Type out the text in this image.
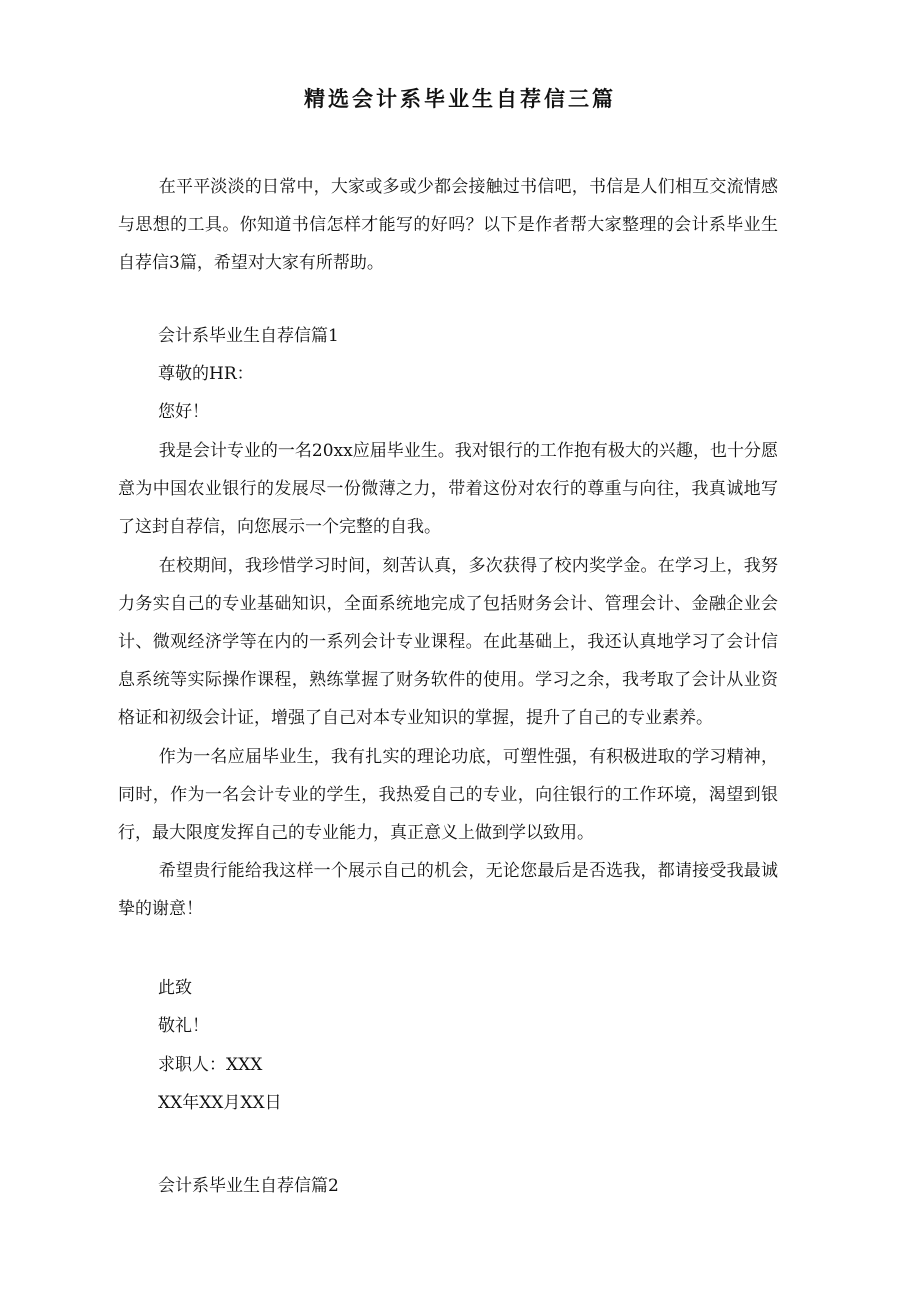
精选会计系毕业生自荐信三篇

在平平淡淡的日常中，大家或多或少都会接触过书信吧，书信是人们相互交流情感与思想的工具。你知道书信怎样才能写的好吗？以下是作者帮大家整理的会计系毕业生自荐信3篇，希望对大家有所帮助。

会计系毕业生自荐信篇1
尊敬的HR：
您好！

我是会计专业的一名20xx应届毕业生。我对银行的工作抱有极大的兴趣，也十分愿意为中国农业银行的发展尽一份微薄之力，带着这份对农行的尊重与向往，我真诚地写了这封自荐信，向您展示一个完整的自我。

在校期间，我珍惜学习时间，刻苦认真，多次获得了校内奖学金。在学习上，我努力务实自己的专业基础知识，全面系统地完成了包括财务会计、管理会计、金融企业会计、微观经济学等在内的一系列会计专业课程。在此基础上，我还认真地学习了会计信息系统等实际操作课程，熟练掌握了财务软件的使用。学习之余，我考取了会计从业资格证和初级会计证，增强了自己对本专业知识的掌握，提升了自己的专业素养。

作为一名应届毕业生，我有扎实的理论功底，可塑性强，有积极进取的学习精神，同时，作为一名会计专业的学生，我热爱自己的专业，向往银行的工作环境，渴望到银行，最大限度发挥自己的专业能力，真正意义上做到学以致用。

希望贵行能给我这样一个展示自己的机会，无论您最后是否选我，都请接受我最诚挚的谢意！

此致
敬礼！
求职人：XXX
XX年XX月XX日
会计系毕业生自荐信篇2
